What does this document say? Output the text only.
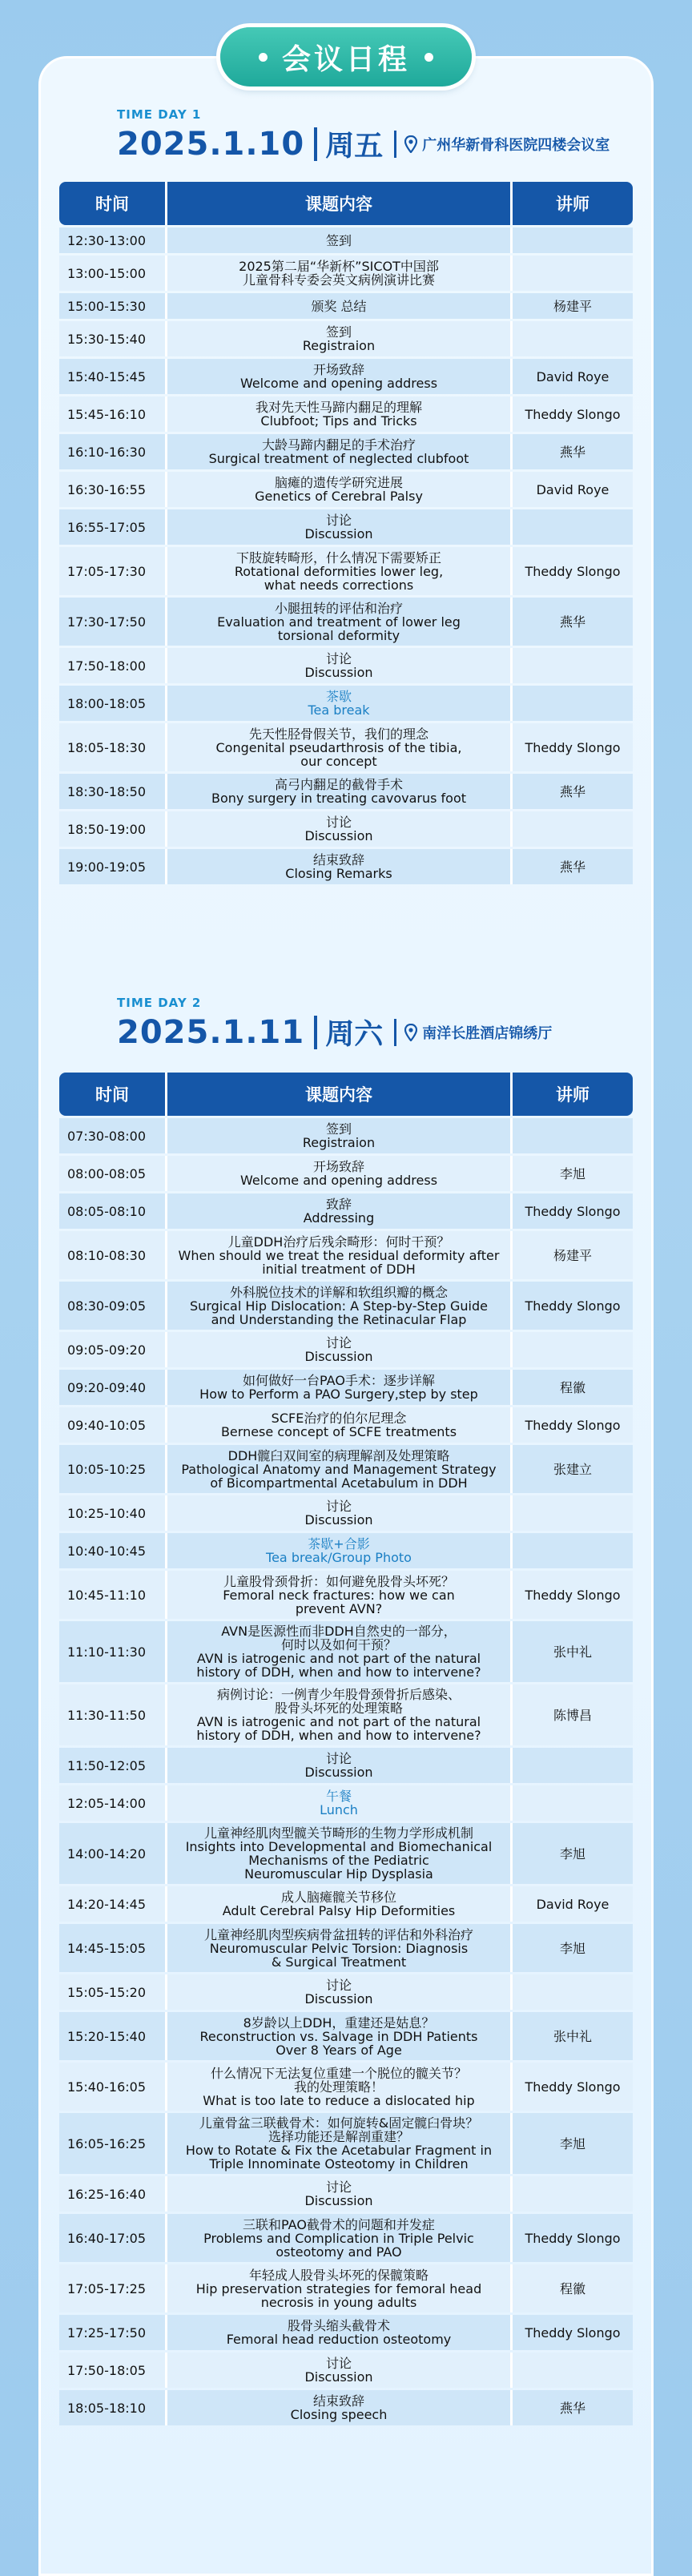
会议日程
TIME DAY 1
2025.1.10 周五	广州华新骨科医院四楼会议室
时间	课题内容	讲师
12:30-13:00	签到	

13:00-15:00	2025第二届“华新杯”SICOT中国部
儿童骨科专委会英文病例演讲比赛	

15:00-15:30	颁奖 总结	杨建平
15:30-15:40	签到
Registraion	

15:40-15:45	开场致辞
Welcome and opening address	David Roye
15:45-16:10	我对先天性马蹄内翻足的理解
Clubfoot; Tips and Tricks	Theddy Slongo
16:10-16:30	大龄马蹄内翻足的手术治疗
Surgical treatment of neglected clubfoot	燕华
16:30-16:55	脑瘫的遗传学研究进展
Genetics of Cerebral Palsy	David Roye
16:55-17:05	讨论
Discussion	

17:05-17:30	下肢旋转畸形，什么情况下需要矫正
Rotational deformities lower leg,
what needs corrections	Theddy Slongo
17:30-17:50	小腿扭转的评估和治疗
Evaluation and treatment of lower leg
torsional deformity	燕华
17:50-18:00	讨论
Discussion	

18:00-18:05	茶歇
Tea break	

18:05-18:30	先天性胫骨假关节，我们的理念
Congenital pseudarthrosis of the tibia,
our concept	Theddy Slongo
18:30-18:50	高弓内翻足的截骨手术
Bony surgery in treating cavovarus foot	燕华
18:50-19:00	讨论
Discussion	

19:00-19:05	结束致辞
Closing Remarks	燕华
TIME DAY 2
2025.1.11 周六	南洋长胜酒店锦绣厅
时间	课题内容	讲师
07:30-08:00	签到
Registraion	

08:00-08:05	开场致辞
Welcome and opening address	李旭
08:05-08:10	致辞
Addressing	Theddy Slongo
08:10-08:30	儿童DDH治疗后残余畸形：何时干预？
When should we treat the residual deformity after
initial treatment of DDH	杨建平
08:30-09:05	外科脱位技术的详解和软组织瓣的概念
Surgical Hip Dislocation: A Step-by-Step Guide
and Understanding the Retinacular Flap	Theddy Slongo
09:05-09:20	讨论
Discussion	

09:20-09:40	如何做好一台PAO手术：逐步详解
How to Perform a PAO Surgery,step by step	程徽
09:40-10:05	SCFE治疗的伯尔尼理念
Bernese concept of SCFE treatments	Theddy Slongo
10:05-10:25	DDH髋臼双间室的病理解剖及处理策略
Pathological Anatomy and Management Strategy
of Bicompartmental Acetabulum in DDH	张建立
10:25-10:40	讨论
Discussion	

10:40-10:45	茶歇+合影
Tea break/Group Photo	

10:45-11:10	儿童股骨颈骨折：如何避免股骨头坏死？
Femoral neck fractures: how we can
prevent AVN?	Theddy Slongo
11:10-11:30	AVN是医源性而非DDH自然史的一部分，
何时以及如何干预？
AVN is iatrogenic and not part of the natural
history of DDH, when and how to intervene?	张中礼
11:30-11:50	病例讨论：一例青少年股骨颈骨折后感染、
股骨头坏死的处理策略
AVN is iatrogenic and not part of the natural
history of DDH, when and how to intervene?	陈博昌
11:50-12:05	讨论
Discussion	

12:05-14:00	午餐
Lunch	

14:00-14:20	儿童神经肌肉型髋关节畸形的生物力学形成机制
Insights into Developmental and Biomechanical
Mechanisms of the Pediatric
Neuromuscular Hip Dysplasia	李旭
14:20-14:45	成人脑瘫髋关节移位
Adult Cerebral Palsy Hip Deformities	David Roye
14:45-15:05	儿童神经肌肉型疾病骨盆扭转的评估和外科治疗
Neuromuscular Pelvic Torsion: Diagnosis
& Surgical Treatment	李旭
15:05-15:20	讨论
Discussion	

15:20-15:40	8岁龄以上DDH，重建还是姑息？
Reconstruction vs. Salvage in DDH Patients
Over 8 Years of Age	张中礼
15:40-16:05	什么情况下无法复位重建一个脱位的髋关节？
我的处理策略！
What is too late to reduce a dislocated hip	Theddy Slongo
16:05-16:25	儿童骨盆三联截骨术：如何旋转&固定髋臼骨块？
选择功能还是解剖重建？
How to Rotate & Fix the Acetabular Fragment in
Triple Innominate Osteotomy in Children	李旭
16:25-16:40	讨论
Discussion	

16:40-17:05	三联和PAO截骨术的问题和并发症
Problems and Complication in Triple Pelvic
osteotomy and PAO	Theddy Slongo
17:05-17:25	年轻成人股骨头坏死的保髋策略
Hip preservation strategies for femoral head
necrosis in young adults	程徽
17:25-17:50	股骨头缩头截骨术
Femoral head reduction osteotomy	Theddy Slongo
17:50-18:05	讨论
Discussion	

18:05-18:10	结束致辞
Closing speech	燕华
